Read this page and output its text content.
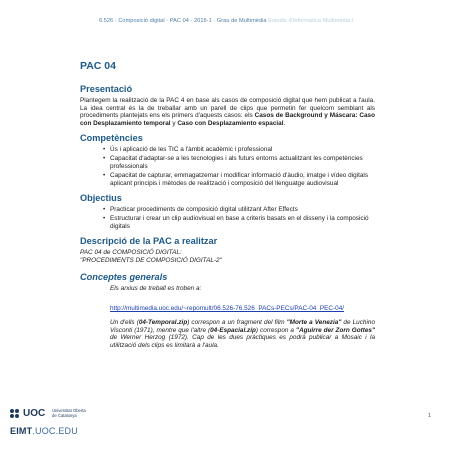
6.526 · Composició digital · PAC 04 · 2015-1 · Grau de Multimèdia Estudis d'Informàtica Multimèdia i
PAC 04
Presentació
Plantegem la realització de la PAC 4 en base als casos de composició digital que hem publicat a l'aula. La idea central és la de treballar amb un parell de clips que permetin fer quelcom semblant als procediments plantejats ens els primers d'aquests casos: els Casos de Background y Máscara: Caso con Desplazamiento temporal y Caso con Desplazamiento espacial.
Competències
• Ús i aplicació de les TIC a l'àmbit acadèmic i professional
• Capacitat d'adaptar-se a les tecnologies i als futurs entorns actualitzant les competències professionals
• Capacitat de capturar, emmagatzemar i modificar informació d'àudio, imatge i vídeo digitals aplicant principis i mètodes de realització i composició del llenguatge audiovisual
Objectius
• Practicar procediments de composició digital utilitzant After Effects
• Estructurar i crear un clip audiovisual en base a criteris basats en el disseny i la composició digitals
Descripció de la PAC a realitzar
PAC 04 de COMPOSICIÓ DIGITAL:
"PROCEDIMENTS DE COMPOSICIÓ DIGITAL-2"
Conceptes generals
Els arxius de treball es troben a:
http://multimedia.uoc.edu/~repomult/06.526-76.526_PACs-PECs/PAC-04_PEC-04/
Un d'ells (04-Temporal.zip) correspon a un fragment del film "Morte a Venezia" de Luchino Visconti (1971), mentre que l'altre (04-Espacial.zip) correspon a "Aguirre der Zorn Gottes" de Werner Herzog (1972). Cap de les dues pràctiques es podrà publicar a Mosaic i la utilització dels clips es limitarà a l'aula.
UOC Universitat Oberta
de Catalunya
EIMT.UOC.EDU
1
